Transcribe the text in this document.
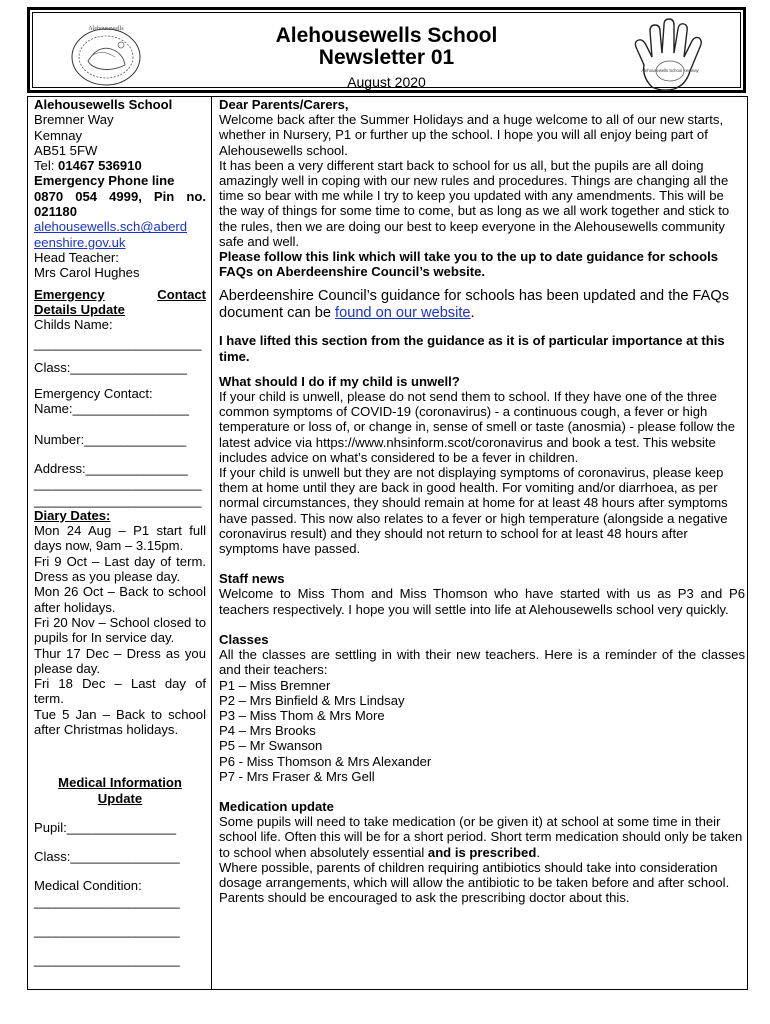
Alehousewells	Alehousewells School
Newsletter 01
August 2020
Alehousewells School Kemnay

Alehousewells School

Bremner Way

Kemnay

AB51 5FW

Tel: 01467 536910

Emergency Phone line

0870 054 4999, Pin no. 021180

alehousewells.sch@aberd
eenshire.gov.uk

Head Teacher:

Mrs Carol Hughes

Emergency	Contact

Details Update

Childs Name:

_______________________

Class:________________

Emergency Contact:

Name:________________

Number:______________

Address:______________

_______________________

_______________________

Diary Dates:

Mon 24 Aug – P1 start full days now, 9am – 3.15pm.

Fri 9 Oct – Last day of term. Dress as you please day.

Mon 26 Oct – Back to school after holidays.

Fri 20 Nov – School closed to pupils for In service day.

Thur 17 Dec – Dress as you please day.

Fri 18 Dec – Last day of term.

Tue 5 Jan – Back to school after Christmas holidays.

Medical Information

Update

Pupil:_______________

Class:_______________

Medical Condition:

____________________

____________________

____________________

Dear Parents/Carers,

Welcome back after the Summer Holidays and a huge welcome to all of our new starts, whether in Nursery, P1 or further up the school. I hope you will all enjoy being part of Alehousewells school.

It has been a very different start back to school for us all, but the pupils are all doing amazingly well in coping with our new rules and procedures. Things are changing all the time so bear with me while I try to keep you updated with any amendments. This will be the way of things for some time to come, but as long as we all work together and stick to the rules, then we are doing our best to keep everyone in the Alehousewells community safe and well.

Please follow this link which will take you to the up to date guidance for schools FAQs on Aberdeenshire Council’s website.

Aberdeenshire Council’s guidance for schools has been updated and the FAQs document can be found on our website.

I have lifted this section from the guidance as it is of particular importance at this time.

What should I do if my child is unwell?

If your child is unwell, please do not send them to school. If they have one of the three common symptoms of COVID-19 (coronavirus) - a continuous cough, a fever or high temperature or loss of, or change in, sense of smell or taste (anosmia) - please follow the latest advice via https://www.nhsinform.scot/coronavirus and book a test. This website includes advice on what’s considered to be a fever in children.

If your child is unwell but they are not displaying symptoms of coronavirus, please keep them at home until they are back in good health. For vomiting and/or diarrhoea, as per normal circumstances, they should remain at home for at least 48 hours after symptoms have passed. This now also relates to a fever or high temperature (alongside a negative coronavirus result) and they should not return to school for at least 48 hours after symptoms have passed.

Staff news

Welcome to Miss Thom and Miss Thomson who have started with us as P3 and P6 teachers respectively. I hope you will settle into life at Alehousewells school very quickly.

Classes

All the classes are settling in with their new teachers. Here is a reminder of the classes and their teachers:

P1 – Miss Bremner

P2 – Mrs Binfield & Mrs Lindsay

P3 – Miss Thom & Mrs More

P4 – Mrs Brooks

P5 – Mr Swanson

P6 - Miss Thomson & Mrs Alexander

P7 - Mrs Fraser & Mrs Gell

Medication update

Some pupils will need to take medication (or be given it) at school at some time in their school life. Often this will be for a short period. Short term medication should only be taken to school when absolutely essential and is prescribed.

Where possible, parents of children requiring antibiotics should take into consideration dosage arrangements, which will allow the antibiotic to be taken before and after school. Parents should be encouraged to ask the prescribing doctor about this.
